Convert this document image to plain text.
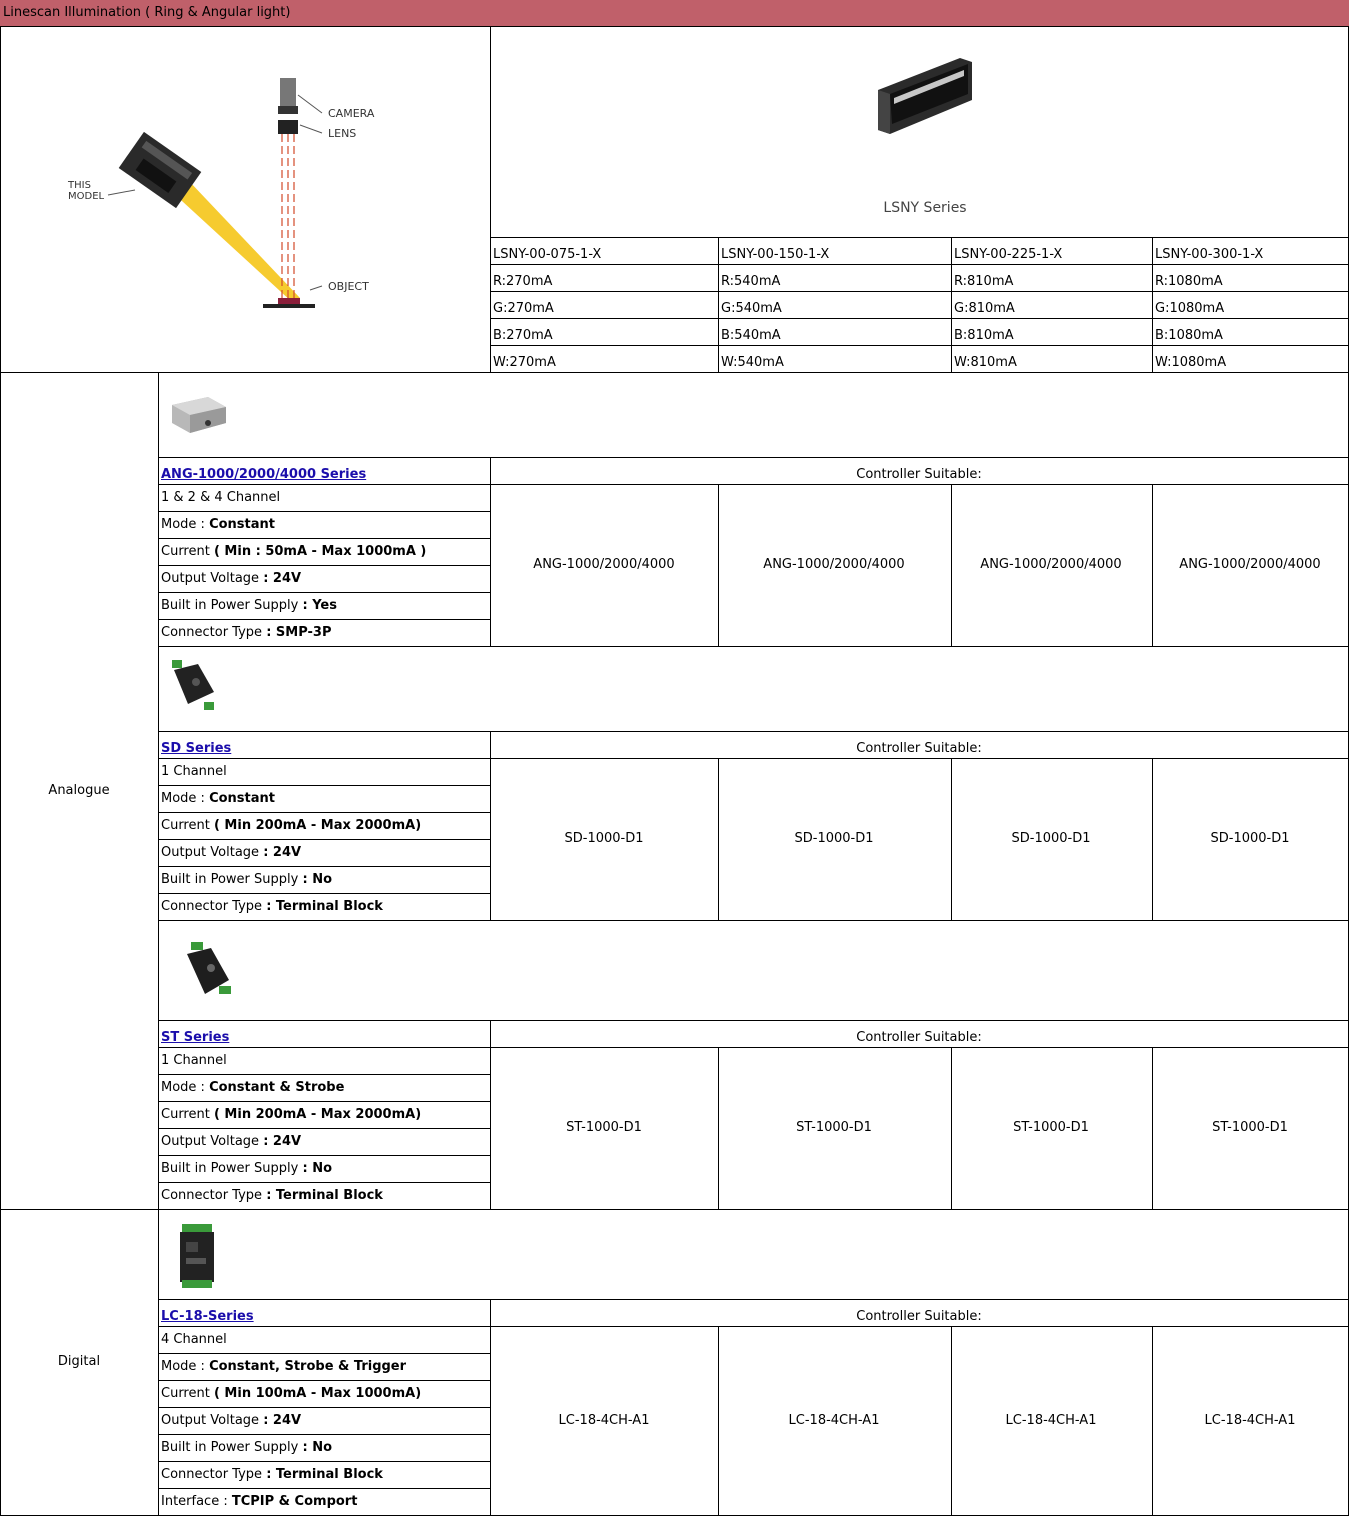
Linescan Illumination ( Ring & Angular light)
CAMERA
LENS
THIS
MODEL
OBJECT
LSNY Series
LSNY-00-075-1-X	LSNY-00-150-1-X	LSNY-00-225-1-X	LSNY-00-300-1-X
R:270mA	R:540mA	R:810mA	R:1080mA
G:270mA	G:540mA	G:810mA	G:1080mA
B:270mA	B:540mA	B:810mA	B:1080mA
W:270mA	W:540mA	W:810mA	W:1080mA
Analogue
Digital
ANG-1000/2000/4000 Series	Controller Suitable:
1 & 2 & 4 Channel
Mode : Constant
Current ( Min : 50mA - Max 1000mA )
Output Voltage : 24V
Built in Power Supply : Yes
Connector Type : SMP-3P
ANG-1000/2000/4000	ANG-1000/2000/4000	ANG-1000/2000/4000	ANG-1000/2000/4000
SD Series	Controller Suitable:
1 Channel
Mode : Constant
Current ( Min 200mA - Max 2000mA)
Output Voltage : 24V
Built in Power Supply : No
Connector Type : Terminal Block
SD-1000-D1	SD-1000-D1	SD-1000-D1	SD-1000-D1
ST Series	Controller Suitable:
1 Channel
Mode : Constant & Strobe
Current ( Min 200mA - Max 2000mA)
Output Voltage : 24V
Built in Power Supply : No
Connector Type : Terminal Block
ST-1000-D1	ST-1000-D1	ST-1000-D1	ST-1000-D1
LC-18-Series	Controller Suitable:
4 Channel
Mode : Constant, Strobe & Trigger
Current ( Min 100mA - Max 1000mA)
Output Voltage : 24V
Built in Power Supply : No
Connector Type : Terminal Block
Interface : TCPIP & Comport
LC-18-4CH-A1	LC-18-4CH-A1	LC-18-4CH-A1	LC-18-4CH-A1
